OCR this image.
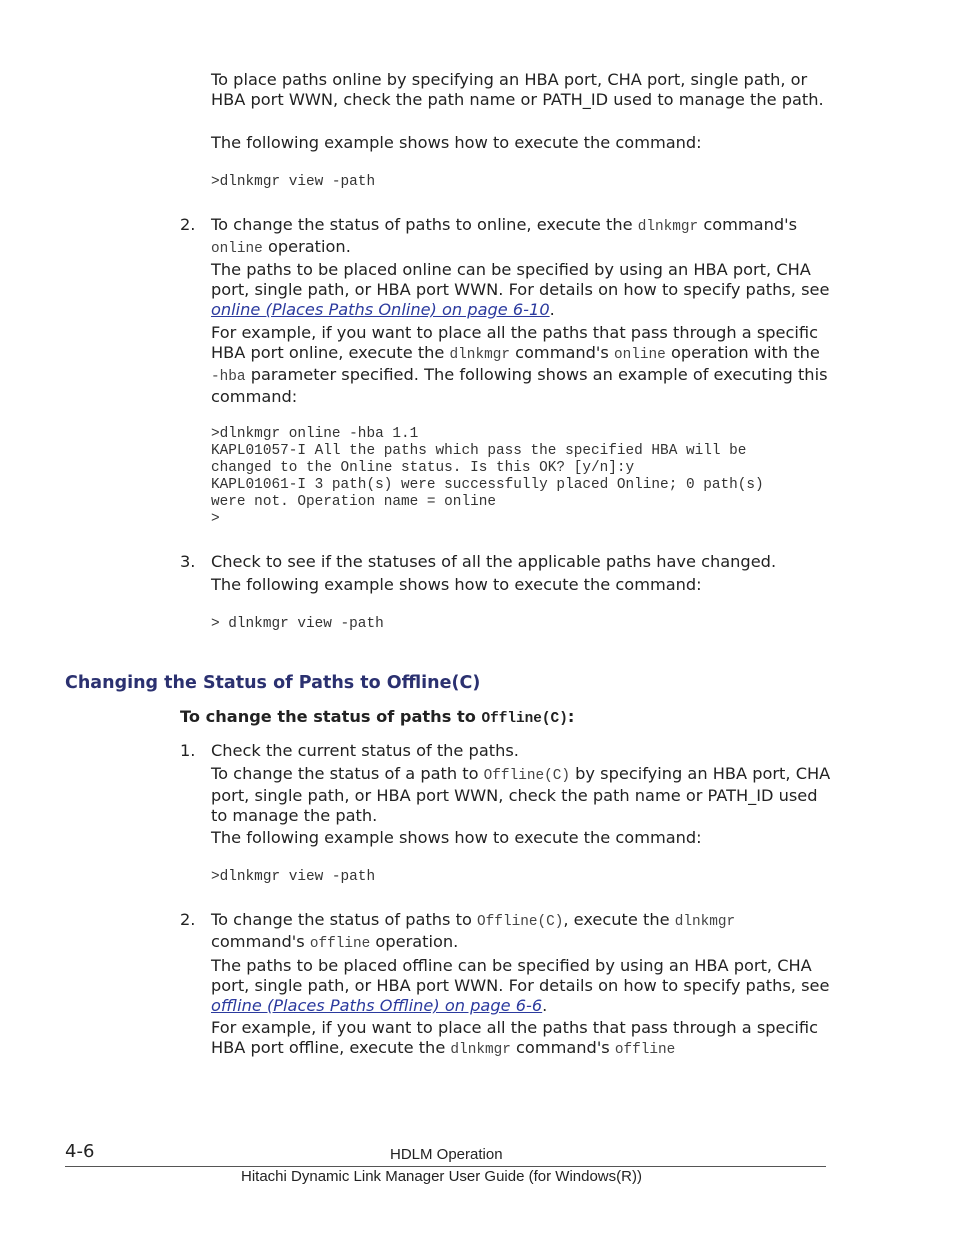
To place paths online by specifying an HBA port, CHA port, single path, or HBA port WWN, check the path name or PATH_ID used to manage the path.

The following example shows how to execute the command:

>dlnkmgr view -path
2. To change the status of paths to online, execute the dlnkmgr command's online operation.

The paths to be placed online can be specified by using an HBA port, CHA port, single path, or HBA port WWN. For details on how to specify paths, see online (Places Paths Online) on page 6-10.

For example, if you want to place all the paths that pass through a specific HBA port online, execute the dlnkmgr command's online operation with the -hba parameter specified. The following shows an example of executing this command:

>dlnkmgr online -hba 1.1
KAPL01057-I All the paths which pass the specified HBA will be
changed to the Online status. Is this OK? [y/n]:y
KAPL01061-I 3 path(s) were successfully placed Online; 0 path(s)
were not. Operation name = online
>
3. Check to see if the statuses of all the applicable paths have changed.

The following example shows how to execute the command:

> dlnkmgr view -path
Changing the Status of Paths to Offline(C)

To change the status of paths to Offline(C):

1. Check the current status of the paths.

To change the status of a path to Offline(C) by specifying an HBA port, CHA port, single path, or HBA port WWN, check the path name or PATH_ID used to manage the path.

The following example shows how to execute the command:

>dlnkmgr view -path
2. To change the status of paths to Offline(C), execute the dlnkmgr command's offline operation.

The paths to be placed offline can be specified by using an HBA port, CHA port, single path, or HBA port WWN. For details on how to specify paths, see offline (Places Paths Offline) on page 6-6.

For example, if you want to place all the paths that pass through a specific HBA port offline, execute the dlnkmgr command's offline

4-6	HDLM Operation

Hitachi Dynamic Link Manager User Guide (for Windows(R))
